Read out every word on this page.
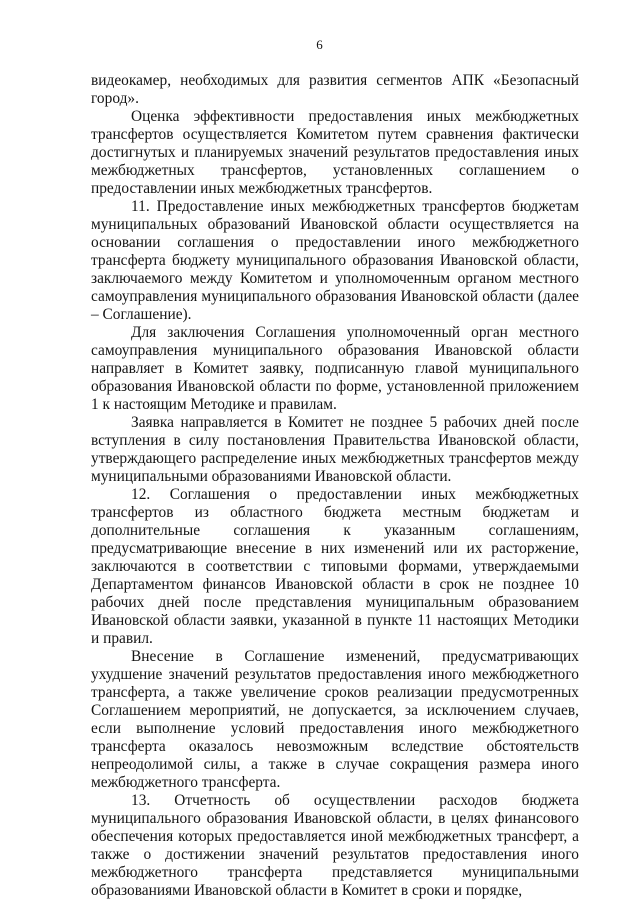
6

видеокамер, необходимых для развития сегментов АПК «Безопасный город».

Оценка эффективности предоставления иных межбюджетных трансфертов осуществляется Комитетом путем сравнения фактически достигнутых и планируемых значений результатов предоставления иных межбюджетных трансфертов, установленных соглашением о предоставлении иных межбюджетных трансфертов.

11. Предоставление иных межбюджетных трансфертов бюджетам муниципальных образований Ивановской области осуществляется на основании соглашения о предоставлении иного межбюджетного трансферта бюджету муниципального образования Ивановской области, заключаемого между Комитетом и уполномоченным органом местного самоуправления муниципального образования Ивановской области (далее – Соглашение).

Для заключения Соглашения уполномоченный орган местного самоуправления муниципального образования Ивановской области направляет в Комитет заявку, подписанную главой муниципального образования Ивановской области по форме, установленной приложением 1 к настоящим Методике и правилам.

Заявка направляется в Комитет не позднее 5 рабочих дней после вступления в силу постановления Правительства Ивановской области, утверждающего распределение иных межбюджетных трансфертов между муниципальными образованиями Ивановской области.

12. Соглашения о предоставлении иных межбюджетных трансфертов из областного бюджета местным бюджетам и дополнительные соглашения к указанным соглашениям, предусматривающие внесение в них изменений или их расторжение, заключаются в соответствии с типовыми формами, утверждаемыми Департаментом финансов Ивановской области в срок не позднее 10 рабочих дней после представления муниципальным образованием Ивановской области заявки, указанной в пункте 11 настоящих Методики и правил.

Внесение в Соглашение изменений, предусматривающих ухудшение значений результатов предоставления иного межбюджетного трансферта, а также увеличение сроков реализации предусмотренных Соглашением мероприятий, не допускается, за исключением случаев, если выполнение условий предоставления иного межбюджетного трансферта оказалось невозможным вследствие обстоятельств непреодолимой силы, а также в случае сокращения размера иного межбюджетного трансферта.

13. Отчетность об осуществлении расходов бюджета муниципального образования Ивановской области, в целях финансового обеспечения которых предоставляется иной межбюджетных трансферт, а также о достижении значений результатов предоставления иного межбюджетного трансферта представляется муниципальными образованиями Ивановской области в Комитет в сроки и порядке,
